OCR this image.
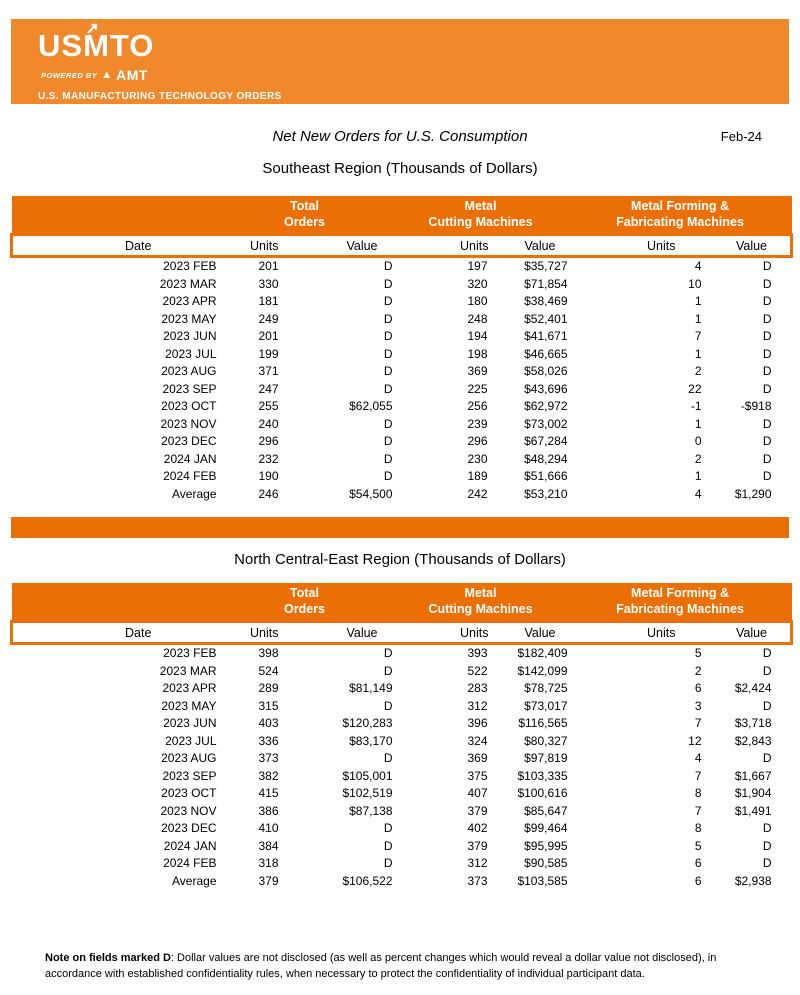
USM
TO
POWERED BY ▲ AMT
U.S. MANUFACTURING TECHNOLOGY ORDERS
Net New Orders for U.S. Consumption	Feb-24
Southeast Region (Thousands of Dollars)

Total
Orders

Metal
Cutting Machines

Metal Forming &
Fabricating Machines

Date	Units	Value	Units	Value	Units	Value
2023 FEB	201	D	197	$35,727	4	D
2023 MAR	330	D	320	$71,854	10	D
2023 APR	181	D	180	$38,469	1	D
2023 MAY	249	D	248	$52,401	1	D
2023 JUN	201	D	194	$41,671	7	D
2023 JUL	199	D	198	$46,665	1	D
2023 AUG	371	D	369	$58,026	2	D
2023 SEP	247	D	225	$43,696	22	D
2023 OCT	255	$62,055	256	$62,972	-1	-$918
2023 NOV	240	D	239	$73,002	1	D
2023 DEC	296	D	296	$67,284	0	D
2024 JAN	232	D	230	$48,294	2	D
2024 FEB	190	D	189	$51,666	1	D
Average	246	$54,500	242	$53,210	4	$1,290
North Central-East Region (Thousands of Dollars)

Total
Orders

Metal
Cutting Machines

Metal Forming &
Fabricating Machines

Date	Units	Value	Units	Value	Units	Value
2023 FEB	398	D	393	$182,409	5	D
2023 MAR	524	D	522	$142,099	2	D
2023 APR	289	$81,149	283	$78,725	6	$2,424
2023 MAY	315	D	312	$73,017	3	D
2023 JUN	403	$120,283	396	$116,565	7	$3,718
2023 JUL	336	$83,170	324	$80,327	12	$2,843
2023 AUG	373	D	369	$97,819	4	D
2023 SEP	382	$105,001	375	$103,335	7	$1,667
2023 OCT	415	$102,519	407	$100,616	8	$1,904
2023 NOV	386	$87,138	379	$85,647	7	$1,491
2023 DEC	410	D	402	$99,464	8	D
2024 JAN	384	D	379	$95,995	5	D
2024 FEB	318	D	312	$90,585	6	D
Average	379	$106,522	373	$103,585	6	$2,938
Note on fields marked D: Dollar values are not disclosed (as well as percent changes which would reveal a dollar value not disclosed), in accordance with established confidentiality rules, when necessary to protect the confidentiality of individual participant data.
